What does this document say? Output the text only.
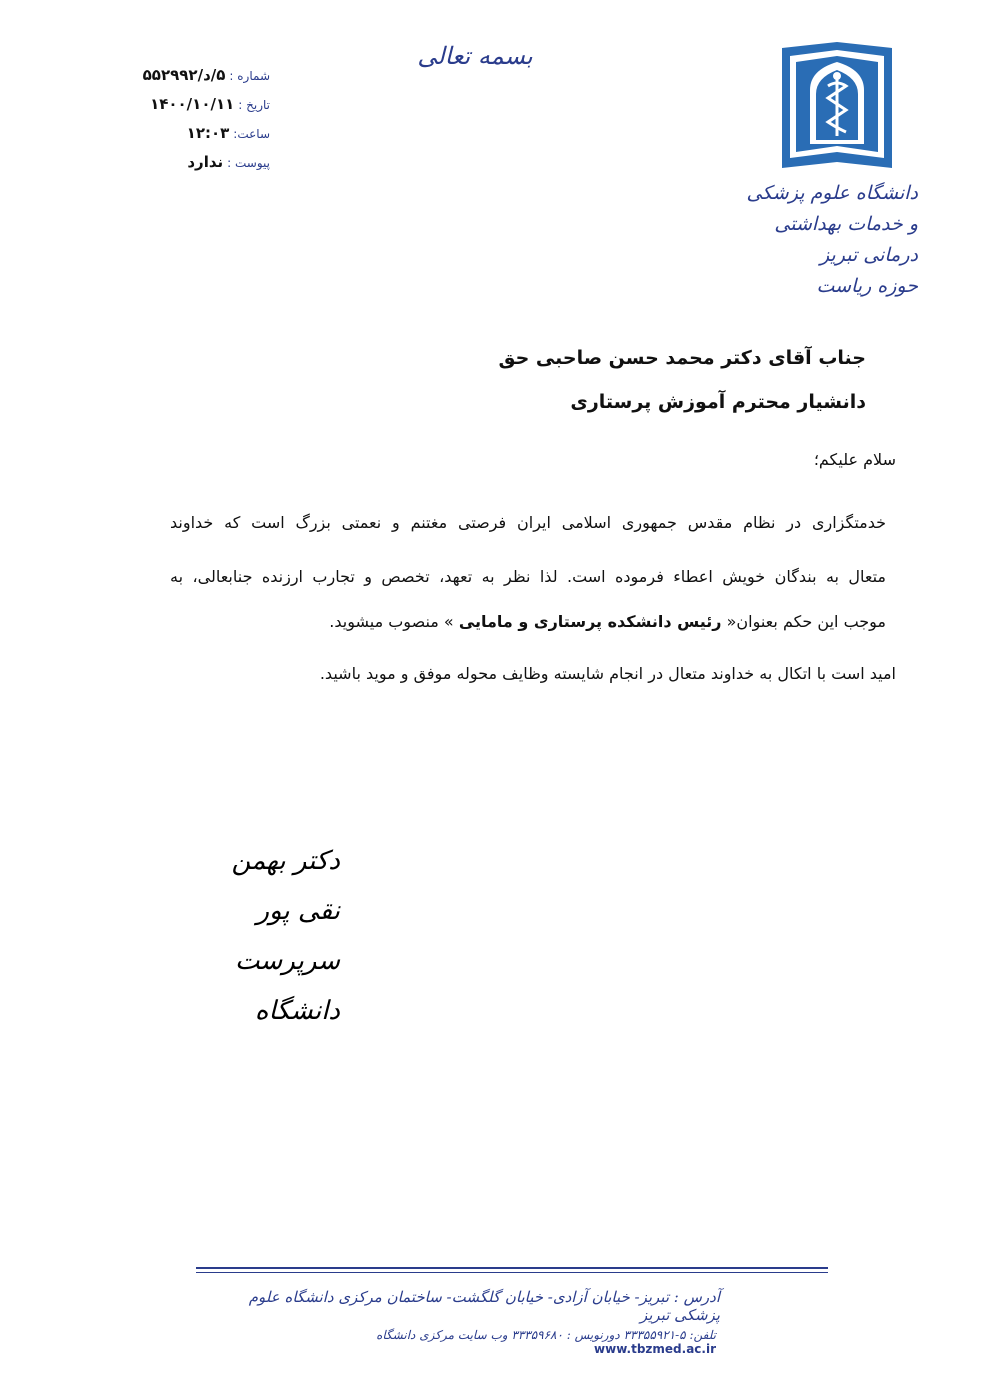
بسمه تعالی
شماره :
۵/د/۵۵۲۹۹۲
تاریخ :
۱۴۰۰/۱۰/۱۱
ساعت:
۱۲:۰۳
پیوست :
ندارد
دانشگاه علوم پزشکی
و خدمات بهداشتی درمانی تبریز
حوزه ریاست
جناب آقای دکتر محمد حسن صاحبی حق
دانشیار محترم آموزش پرستاری
سلام علیکم؛
خدمتگزاری در نظام مقدس جمهوری اسلامی ایران فرصتی مغتنم و نعمتی بزرگ است که خداوند
متعال به بندگان خویش اعطاء فرموده است. لذا نظر به تعهد، تخصص و تجارب ارزنده جنابعالی، به
موجب این حکم بعنوان« رئیس دانشکده پرستاری و مامایی » منصوب میشوید.
امید است با اتکال به خداوند متعال در انجام شایسته وظایف محوله موفق و موید باشید.
دکتر بهمن نقی پور
سرپرست دانشگاه
آدرس : تبریز- خیابان آزادی- خیابان گلگشت- ساختمان مرکزی دانشگاه علوم پزشکی تبریز
تلفن: ۵-۳۳۳۵۵۹۲۱ دورنویس : ۳۳۳۵۹۶۸۰ وب سایت مرکزی دانشگاه www.tbzmed.ac.ir
